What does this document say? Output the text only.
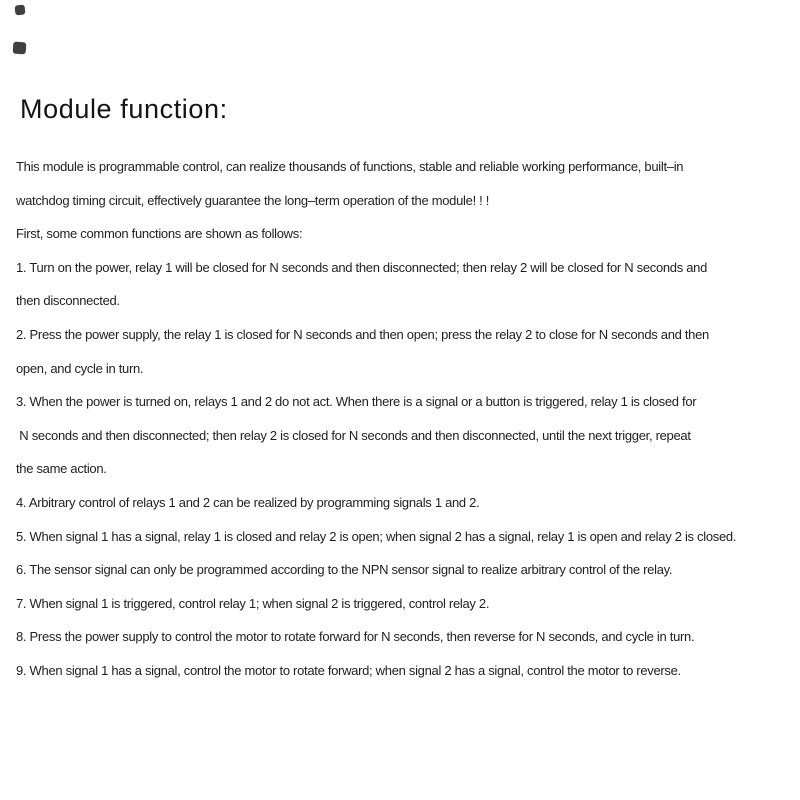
Module function:
This module is programmable control, can realize thousands of functions, stable and reliable working performance, built–in
watchdog timing circuit, effectively guarantee the long–term operation of the module! ! !
First, some common functions are shown as follows:
1. Turn on the power, relay 1 will be closed for N seconds and then disconnected; then relay 2 will be closed for N seconds and
then disconnected.
2. Press the power supply, the relay 1 is closed for N seconds and then open; press the relay 2 to close for N seconds and then
open, and cycle in turn.
3. When the power is turned on, relays 1 and 2 do not act. When there is a signal or a button is triggered, relay 1 is closed for
N seconds and then disconnected; then relay 2 is closed for N seconds and then disconnected, until the next trigger, repeat
the same action.
4. Arbitrary control of relays 1 and 2 can be realized by programming signals 1 and 2.
5. When signal 1 has a signal, relay 1 is closed and relay 2 is open; when signal 2 has a signal, relay 1 is open and relay 2 is closed.
6. The sensor signal can only be programmed according to the NPN sensor signal to realize arbitrary control of the relay.
7. When signal 1 is triggered, control relay 1; when signal 2 is triggered, control relay 2.
8. Press the power supply to control the motor to rotate forward for N seconds, then reverse for N seconds, and cycle in turn.
9. When signal 1 has a signal, control the motor to rotate forward; when signal 2 has a signal, control the motor to reverse.
